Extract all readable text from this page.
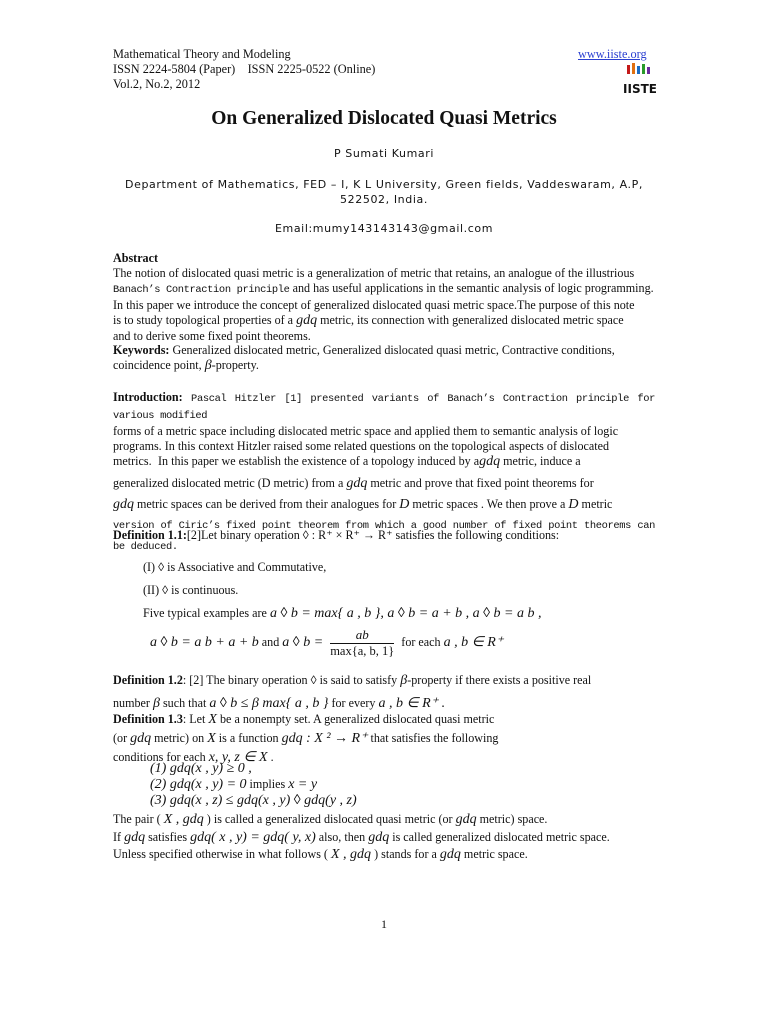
Mathematical Theory and Modeling
ISSN 2224-5804 (Paper)    ISSN 2225-0522 (Online)
Vol.2, No.2, 2012
www.iiste.org
IISTE
On Generalized Dislocated Quasi Metrics
P Sumati Kumari
Department of Mathematics, FED – I, K L University, Green fields, Vaddeswaram, A.P,
522502, India.
Email:mumy143143143@gmail.com

Abstract

The notion of dislocated quasi metric is a generalization of metric that retains, an analogue of the illustrious

Banach’s Contraction principle and has useful applications in the semantic analysis of logic programming.

In this paper we introduce the concept of generalized dislocated quasi metric space.The purpose of this note

is to study topological properties of a gdq metric, its connection with generalized dislocated metric space

and to derive some fixed point theorems.

Keywords: Generalized dislocated metric, Generalized dislocated quasi metric, Contractive conditions,

coincidence point, β-property.

Introduction: Pascal Hitzler [1] presented variants of Banach’s Contraction principle for various modified

forms of a metric space including dislocated metric space and applied them to semantic analysis of logic

programs. In this context Hitzler raised some related questions on the topological aspects of dislocated

metrics. In this paper we establish the existence of a topology induced by agdq metric, induce a

generalized dislocated metric (D metric) from a gdq metric and prove that fixed point theorems for

gdq metric spaces can be derived from their analogues for D metric spaces . We then prove a D metric

version of Ciric’s fixed point theorem from which a good number of fixed point theorems can be deduced.

Definition 1.1:[2]Let binary operation ◊ : R⁺ × R⁺ → R⁺ satisfies the following conditions:

(I) ◊ is Associative and Commutative,
(II) ◊ is continuous.
Five typical examples are a ◊ b = max{ a , b }, a ◊ b = a + b , a ◊ b = a b ,
a ◊ b = a b + a + b and a ◊ $b = \frac{ab}{\max\{a, b, 1\}}$ for each a , b ∈ R⁺

Definition 1.2: [2] The binary operation ◊ is said to satisfy β-property if there exists a positive real

number β such that a ◊ b ≤ β max{ a , b } for every a , b ∈ R⁺ .

Definition 1.3: Let X be a nonempty set. A generalized dislocated quasi metric

(or gdq metric) on X is a function gdq : X ² → R⁺ that satisfies the following

conditions for each x, y, z ∈ X .

(1) gdq(x , y) ≥ 0 ,
(2) gdq(x , y) = 0 implies x = y
(3) gdq(x , z) ≤ gdq(x , y) ◊ gdq(y , z)

The pair ( X , gdq ) is called a generalized dislocated quasi metric (or gdq metric) space.

If gdq satisfies gdq( x , y) = gdq( y, x) also, then gdq is called generalized dislocated metric space.

Unless specified otherwise in what follows ( X , gdq ) stands for a gdq metric space.

1
